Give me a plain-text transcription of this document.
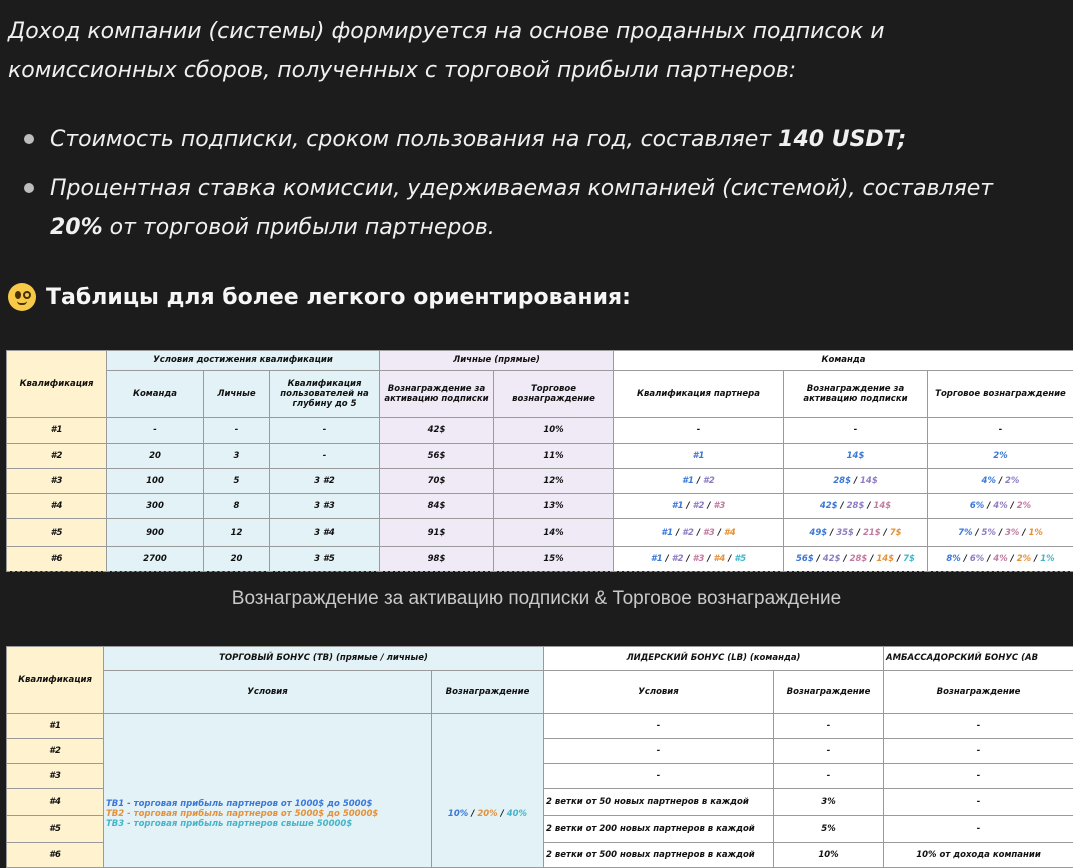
Доход компании (системы) формируется на основе проданных подписок и
комиссионных сборов, полученных с торговой прибыли партнеров:
Стоимость подписки, сроком пользования на год, составляет 140 USDT;
Процентная ставка комиссии, удерживаемая компанией (системой), составляет
20% от торговой прибыли партнеров.
Таблицы для более легкого ориентирования:
Квалификация	Условия достижения квалификации			Личные (прямые)		Команда		
	Команда	Личные	Квалификация пользователей на глубину до 5	Вознаграждение за активацию подписки	Торговое вознаграждение	Квалификация партнера	Вознаграждение за активацию подписки	Торговое вознаграждение
#1	-	-	-	42$	10%	-	-	-
#2	20	3	-	56$	11%	#1	14$	2%
#3	100	5	3 #2	70$	12%	#1 / #2	28$ / 14$	4% / 2%
#4	300	8	3 #3	84$	13%	#1 / #2 / #3	42$ / 28$ / 14$	6% / 4% / 2%
#5	900	12	3 #4	91$	14%	#1 / #2 / #3 / #4	49$ / 35$ / 21$ / 7$	7% / 5% / 3% / 1%
#6	2700	20	3 #5	98$	15%	#1 / #2 / #3 / #4 / #5	56$ / 42$ / 28$ / 14$ / 7$	8% / 6% / 4% / 2% / 1%
Вознаграждение за активацию подписки & Торговое вознаграждение
Квалификация	ТОРГОВЫЙ БОНУС (ТВ) (прямые / личные)		ЛИДЕРСКИЙ БОНУС (LB) (команда)		АМБАССАДОРСКИЙ БОНУС (АВ
	Условия	Вознаграждение	Условия	Вознаграждение	Вознаграждение
#1	ТВ1 - торговая прибыль партнеров от 1000$ до 5000$
ТВ2 - торговая прибыль партнеров от 5000$ до 50000$
ТВ3 - торговая прибыль партнеров свыше 50000$	10% / 20% / 40%	-	-	-
#2			-	-	-
#3			-	-	-
#4			2 ветки от 50 новых партнеров в каждой	3%	-
#5			2 ветки от 200 новых партнеров в каждой	5%	-
#6			2 ветки от 500 новых партнеров в каждой	10%	10% от дохода компании
